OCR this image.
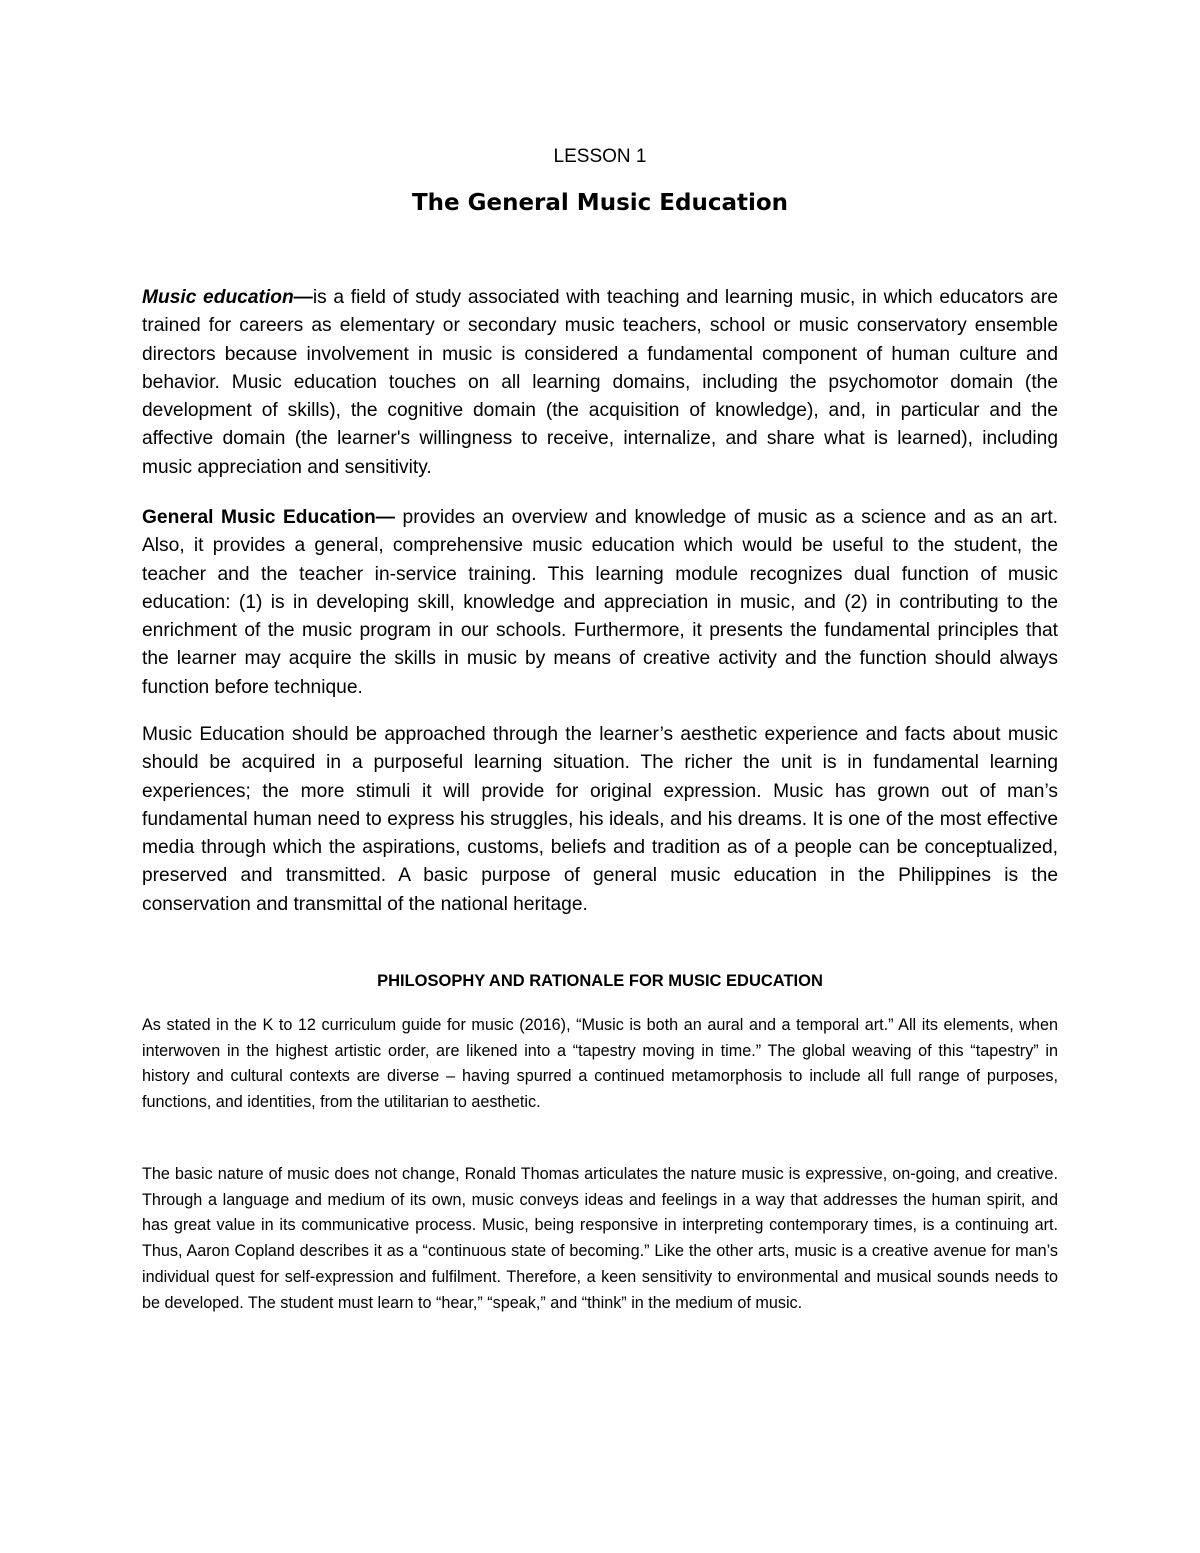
LESSON 1
The General Music Education

Music education—is a field of study associated with teaching and learning music, in which educators are trained for careers as elementary or secondary music teachers, school or music conservatory ensemble directors because involvement in music is considered a fundamental component of human culture and behavior. Music education touches on all learning domains, including the psychomotor domain (the development of skills), the cognitive domain (the acquisition of knowledge), and, in particular and the affective domain (the learner's willingness to receive, internalize, and share what is learned), including music appreciation and sensitivity.

General Music Education— provides an overview and knowledge of music as a science and as an art. Also, it provides a general, comprehensive music education which would be useful to the student, the teacher and the teacher in-service training. This learning module recognizes dual function of music education: (1) is in developing skill, knowledge and appreciation in music, and (2) in contributing to the enrichment of the music program in our schools. Furthermore, it presents the fundamental principles that the learner may acquire the skills in music by means of creative activity and the function should always function before technique.

Music Education should be approached through the learner’s aesthetic experience and facts about music should be acquired in a purposeful learning situation. The richer the unit is in fundamental learning experiences; the more stimuli it will provide for original expression. Music has grown out of man’s fundamental human need to express his struggles, his ideals, and his dreams. It is one of the most effective media through which the aspirations, customs, beliefs and tradition as of a people can be conceptualized, preserved and transmitted. A basic purpose of general music education in the Philippines is the conservation and transmittal of the national heritage.

PHILOSOPHY AND RATIONALE FOR MUSIC EDUCATION

As stated in the K to 12 curriculum guide for music (2016), “Music is both an aural and a temporal art.” All its elements, when interwoven in the highest artistic order, are likened into a “tapestry moving in time.” The global weaving of this “tapestry” in history and cultural contexts are diverse – having spurred a continued metamorphosis to include all full range of purposes, functions, and identities, from the utilitarian to aesthetic.

The basic nature of music does not change, Ronald Thomas articulates the nature music is expressive, on-going, and creative. Through a language and medium of its own, music conveys ideas and feelings in a way that addresses the human spirit, and has great value in its communicative process. Music, being responsive in interpreting contemporary times, is a continuing art. Thus, Aaron Copland describes it as a “continuous state of becoming.” Like the other arts, music is a creative avenue for man’s individual quest for self-expression and fulfilment. Therefore, a keen sensitivity to environmental and musical sounds needs to be developed. The student must learn to “hear,” “speak,” and “think” in the medium of music.
